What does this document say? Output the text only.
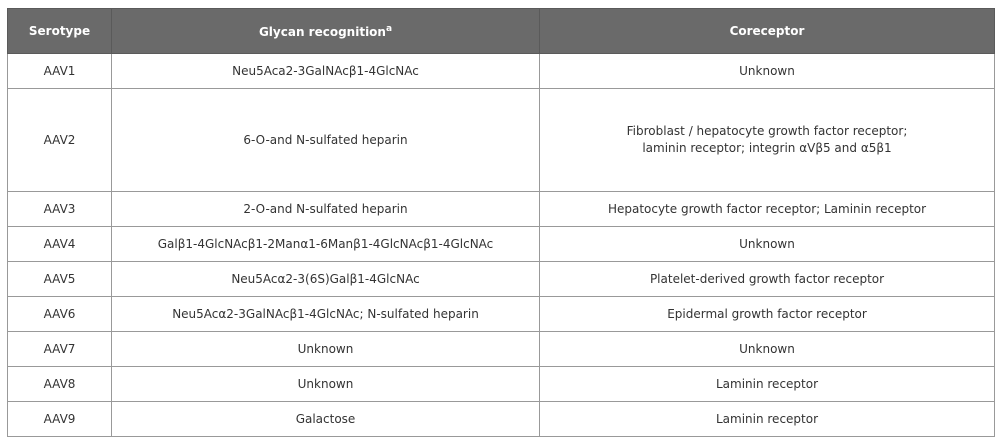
Serotype	Glycan recognition$^a$	Coreceptor
AAV1	Neu5Aca2-3GalNAcβ1-4GlcNAc	Unknown

AAV2	6-O-and N-sulfated heparin	Fibroblast / hepatocyte growth factor receptor;
laminin receptor; integrin αVβ5 and α5β1

AAV3	2-O-and N-sulfated heparin	Hepatocyte growth factor receptor; Laminin receptor

AAV4	Galβ1-4GlcNAcβ1-2Manα1-6Manβ1-4GlcNAcβ1-4GlcNAc	Unknown

AAV5	Neu5Acα2-3(6S)Galβ1-4GlcNAc	Platelet-derived growth factor receptor

AAV6	Neu5Acα2-3GalNAcβ1-4GlcNAc; N-sulfated heparin	Epidermal growth factor receptor

AAV7	Unknown	Unknown

AAV8	Unknown	Laminin receptor

AAV9	Galactose	Laminin receptor
